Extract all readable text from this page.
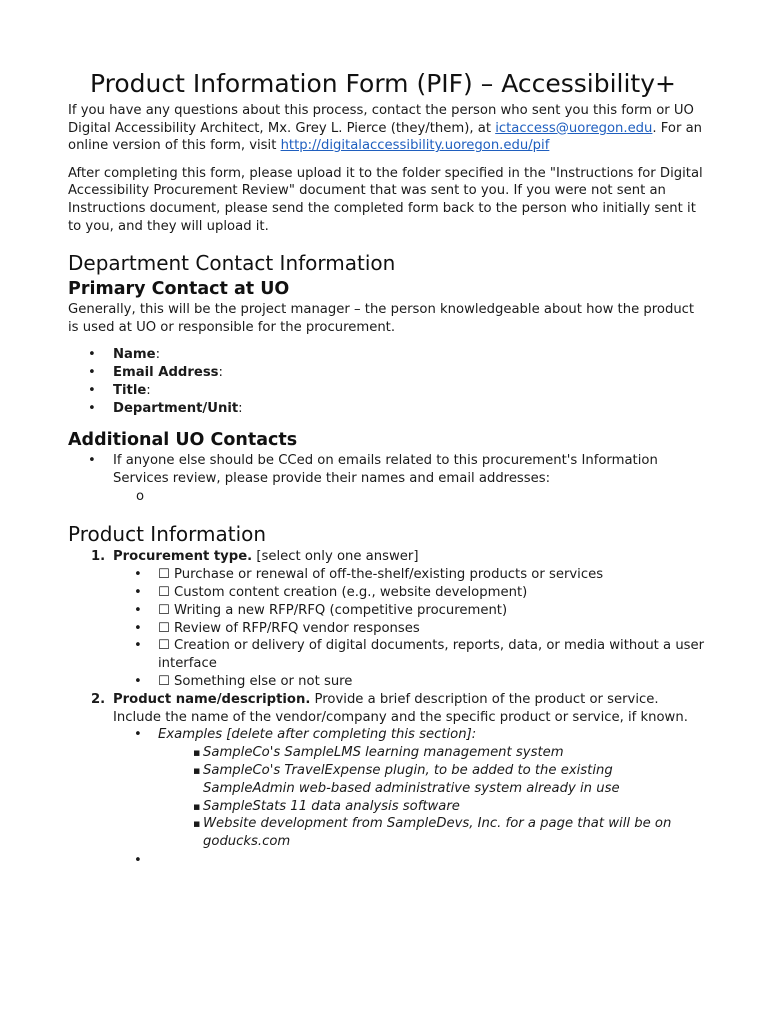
Product Information Form (PIF) – Accessibility+

If you have any questions about this process, contact the person who sent you this form or UO Digital Accessibility Architect, Mx. Grey L. Pierce (they/them), at ictaccess@uoregon.edu. For an online version of this form, visit http://digitalaccessibility.uoregon.edu/pif

After completing this form, please upload it to the folder specified in the "Instructions for Digital Accessibility Procurement Review" document that was sent to you. If you were not sent an Instructions document, please send the completed form back to the person who initially sent it to you, and they will upload it.

Department Contact Information
Primary Contact at UO

Generally, this will be the project manager – the person knowledgeable about how the product is used at UO or responsible for the procurement.

• Name:
• Email Address:
• Title:
• Department/Unit:
Additional UO Contacts
• If anyone else should be CCed on emails related to this procurement's Information Services review, please provide their names and email addresses:
o

Product Information
1. Procurement type. [select only one answer]
• ☐ Purchase or renewal of off-the-shelf/existing products or services
• ☐ Custom content creation (e.g., website development)
• ☐ Writing a new RFP/RFQ (competitive procurement)
• ☐ Review of RFP/RFQ vendor responses
• ☐ Creation or delivery of digital documents, reports, data, or media without a user interface
• ☐ Something else or not sure
2. Product name/description. Provide a brief description of the product or service. Include the name of the vendor/company and the specific product or service, if known.
• Examples [delete after completing this section]:
▪ SampleCo's SampleLMS learning management system
▪ SampleCo's TravelExpense plugin, to be added to the existing SampleAdmin web-based administrative system already in use
▪ SampleStats 11 data analysis software
▪ Website development from SampleDevs, Inc. for a page that will be on goducks.com
•
